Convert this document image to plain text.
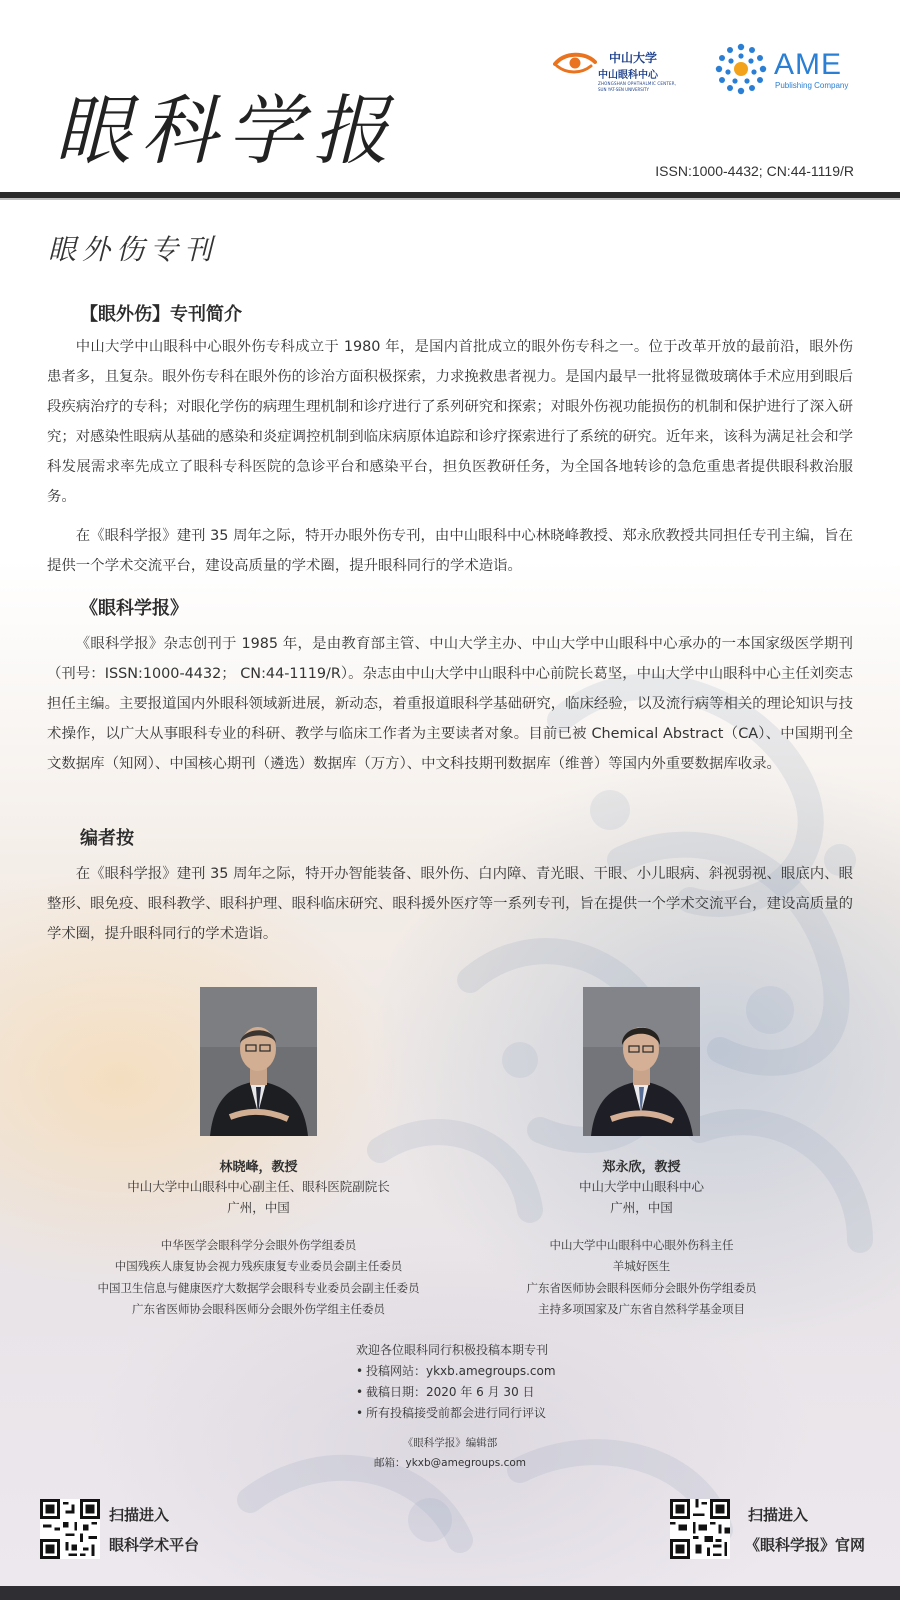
眼科学报
中山大学
中山眼科中心
ZHONGSHAN OPHTHALMIC CENTER,
SUN YAT-SEN UNIVERSITY
AME
Publishing Company
ISSN:1000-4432; CN:44-1119/R
眼外伤专刊
【眼外伤】专刊简介

中山大学中山眼科中心眼外伤专科成立于 1980 年，是国内首批成立的眼外伤专科之一。位于改革开放的最前沿，眼外伤患者多，且复杂。眼外伤专科在眼外伤的诊治方面积极探索，力求挽救患者视力。是国内最早一批将显微玻璃体手术应用到眼后段疾病治疗的专科；对眼化学伤的病理生理机制和诊疗进行了系列研究和探索；对眼外伤视功能损伤的机制和保护进行了深入研究；对感染性眼病从基础的感染和炎症调控机制到临床病原体追踪和诊疗探索进行了系统的研究。近年来，该科为满足社会和学科发展需求率先成立了眼科专科医院的急诊平台和感染平台，担负医教研任务，为全国各地转诊的急危重患者提供眼科救治服务。

在《眼科学报》建刊 35 周年之际，特开办眼外伤专刊，由中山眼科中心林晓峰教授、郑永欣教授共同担任专刊主编，旨在提供一个学术交流平台，建设高质量的学术圈，提升眼科同行的学术造诣。

《眼科学报》

《眼科学报》杂志创刊于 1985 年，是由教育部主管、中山大学主办、中山大学中山眼科中心承办的一本国家级医学期刊（刊号：ISSN:1000-4432； CN:44-1119/R）。杂志由中山大学中山眼科中心前院长葛坚，中山大学中山眼科中心主任刘奕志担任主编。主要报道国内外眼科领域新进展，新动态，着重报道眼科学基础研究，临床经验，以及流行病等相关的理论知识与技术操作，以广大从事眼科专业的科研、教学与临床工作者为主要读者对象。目前已被 Chemical Abstract（CA）、中国期刊全文数据库（知网）、中国核心期刊（遴选）数据库（万方）、中文科技期刊数据库（维普）等国内外重要数据库收录。

编者按

在《眼科学报》建刊 35 周年之际，特开办智能装备、眼外伤、白内障、青光眼、干眼、小儿眼病、斜视弱视、眼底内、眼整形、眼免疫、眼科教学、眼科护理、眼科临床研究、眼科援外医疗等一系列专刊，旨在提供一个学术交流平台，建设高质量的学术圈，提升眼科同行的学术造诣。

林晓峰，教授
中山大学中山眼科中心副主任、眼科医院副院长
广州，中国
中华医学会眼科学分会眼外伤学组委员
中国残疾人康复协会视力残疾康复专业委员会副主任委员
中国卫生信息与健康医疗大数据学会眼科专业委员会副主任委员
广东省医师协会眼科医师分会眼外伤学组主任委员
郑永欣，教授
中山大学中山眼科中心
广州，中国
中山大学中山眼科中心眼外伤科主任
羊城好医生
广东省医师协会眼科医师分会眼外伤学组委员
主持多项国家及广东省自然科学基金项目
欢迎各位眼科同行积极投稿本期专刊
• 投稿网站：ykxb.amegroups.com
• 截稿日期：2020 年 6 月 30 日
• 所有投稿接受前都会进行同行评议
《眼科学报》编辑部
邮箱：ykxb@amegroups.com
扫描进入
眼科学术平台
扫描进入
《眼科学报》官网
